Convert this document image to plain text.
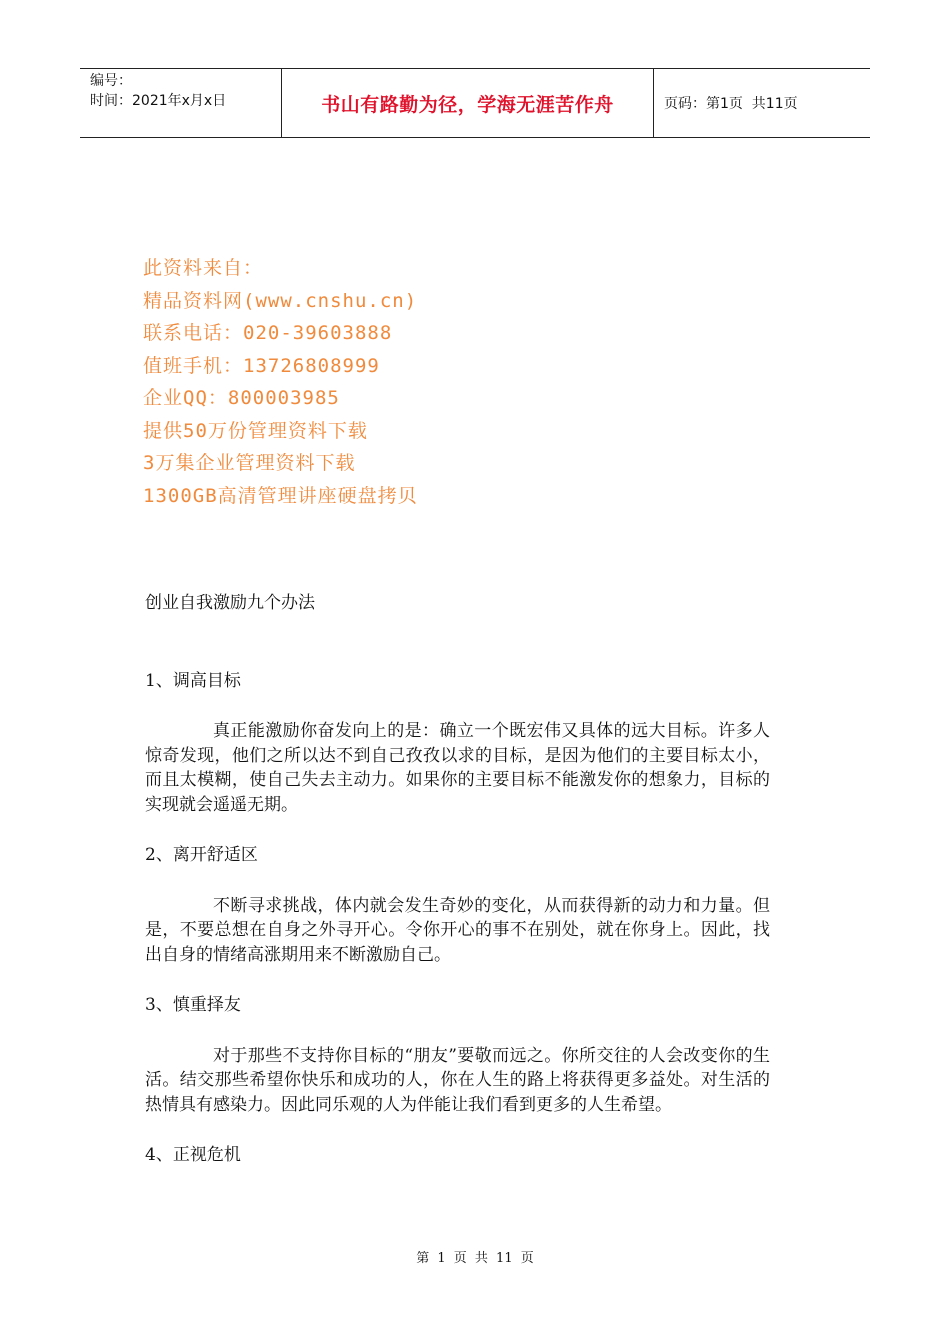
编号：
时间：2021年x月x日	书山有路勤为径，学海无涯苦作舟	页码：第1页  共11页
此资料来自：
精品资料网(www.cnshu.cn)
联系电话：020-39603888
值班手机：13726808999
企业QQ：800003985
提供50万份管理资料下载
3万集企业管理资料下载
1300GB高清管理讲座硬盘拷贝
创业自我激励九个办法
1、调高目标

真正能激励你奋发向上的是：确立一个既宏伟又具体的远大目标。许多人惊奇发现，他们之所以达不到自己孜孜以求的目标，是因为他们的主要目标太小，而且太模糊，使自己失去主动力。如果你的主要目标不能激发你的想象力，目标的实现就会遥遥无期。

2、离开舒适区

不断寻求挑战，体内就会发生奇妙的变化，从而获得新的动力和力量。但是，不要总想在自身之外寻开心。令你开心的事不在别处，就在你身上。因此，找出自身的情绪高涨期用来不断激励自己。

3、慎重择友

对于那些不支持你目标的“朋友”要敬而远之。你所交往的人会改变你的生活。结交那些希望你快乐和成功的人，你在人生的路上将获得更多益处。对生活的热情具有感染力。因此同乐观的人为伴能让我们看到更多的人生希望。

4、正视危机
第 1 页 共 11 页
